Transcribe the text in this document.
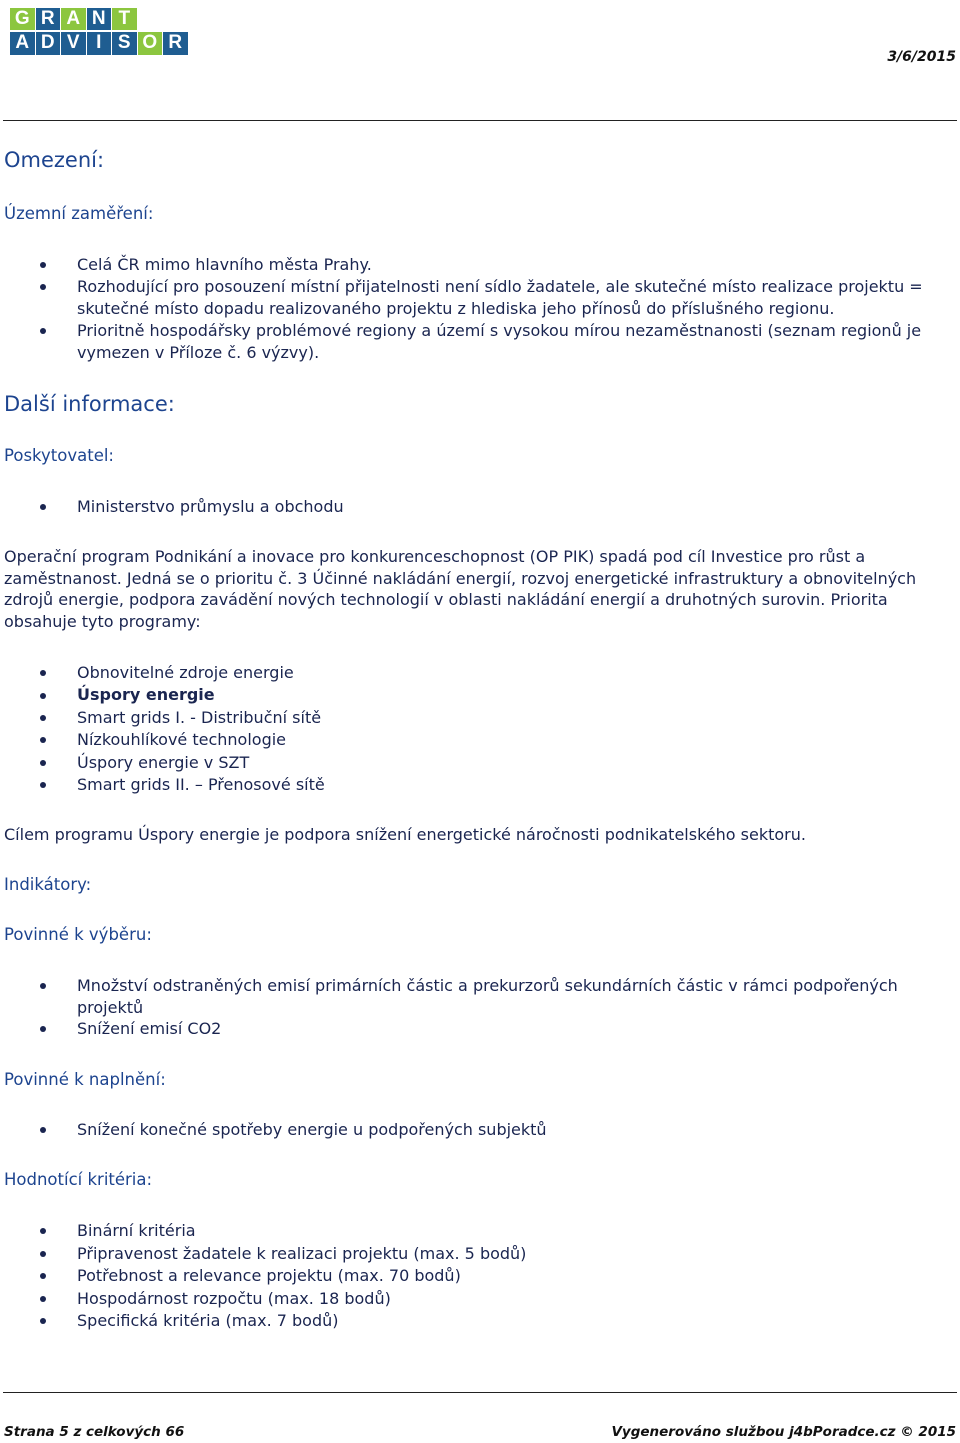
G R A N T
A D V I S O R
3/6/2015
Omezení:
Územní zaměření:
Celá ČR mimo hlavního města Prahy.
Rozhodující pro posouzení místní přijatelnosti není sídlo žadatele, ale skutečné místo realizace projektu =
skutečné místo dopadu realizovaného projektu z hlediska jeho přínosů do příslušného regionu.
Prioritně hospodářsky problémové regiony a území s vysokou mírou nezaměstnanosti (seznam regionů je
vymezen v Příloze č. 6 výzvy).
Další informace:
Poskytovatel:
Ministerstvo průmyslu a obchodu
Operační program Podnikání a inovace pro konkurenceschopnost (OP PIK) spadá pod cíl Investice pro růst a
zaměstnanost. Jedná se o prioritu č. 3 Účinné nakládání energií, rozvoj energetické infrastruktury a obnovitelných
zdrojů energie, podpora zavádění nových technologií v oblasti nakládání energií a druhotných surovin. Priorita
obsahuje tyto programy:
Obnovitelné zdroje energie
Úspory energie
Smart grids I. - Distribuční sítě
Nízkouhlíkové technologie
Úspory energie v SZT
Smart grids II. – Přenosové sítě
Cílem programu Úspory energie je podpora snížení energetické náročnosti podnikatelského sektoru.
Indikátory:
Povinné k výběru:
Množství odstraněných emisí primárních částic a prekurzorů sekundárních částic v rámci podpořených
projektů
Snížení emisí CO2
Povinné k naplnění:
Snížení konečné spotřeby energie u podpořených subjektů
Hodnotící kritéria:
Binární kritéria
Připravenost žadatele k realizaci projektu (max. 5 bodů)
Potřebnost a relevance projektu (max. 70 bodů)
Hospodárnost rozpočtu (max. 18 bodů)
Specifická kritéria (max. 7 bodů)
Strana 5 z celkových 66	Vygenerováno službou j4bPoradce.cz © 2015
